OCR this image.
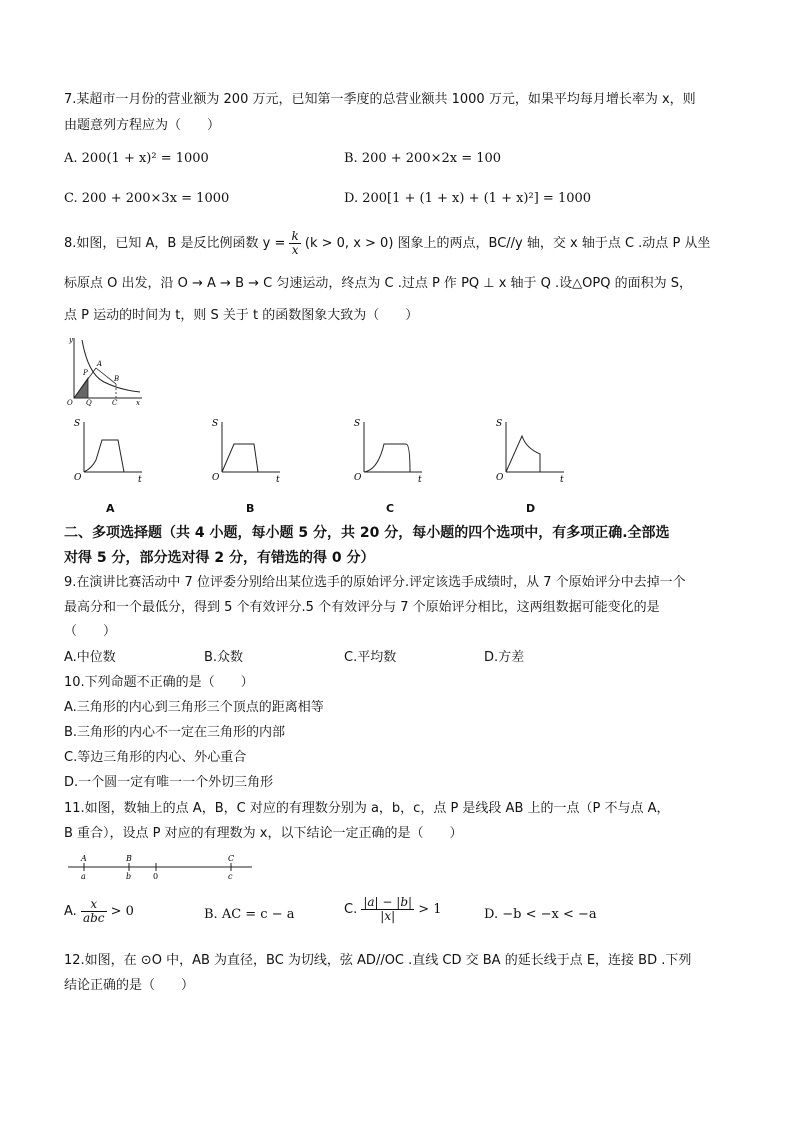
7.某超市一月份的营业额为 200 万元，已知第一季度的总营业额共 1000 万元，如果平均每月增长率为 x，则
由题意列方程应为（　　）
A. 200(1 + x)² = 1000	B. 200 + 200×2x = 100
C. 200 + 200×3x = 1000	D. 200[1 + (1 + x) + (1 + x)²] = 1000
8.如图，已知 A，B 是反比例函数 $y = \frac{k}{x} (k > 0$, x > 0) 图象上的两点，BC//y 轴，交 x 轴于点 C .动点 P 从坐
标原点 O 出发，沿 O → A → B → C 匀速运动，终点为 C .过点 P 作 PQ ⊥ x 轴于 Q .设△OPQ 的面积为 S，
点 P 运动的时间为 t，则 S 关于 t 的函数图象大致为（　　）
y
O
P
Q	C
A
B
x
S
O	t
S
O	t
S
O	t
S
O	t
A	B	C	D
二、多项选择题（共 4 小题，每小题 5 分，共 20 分，每小题的四个选项中，有多项正确.全部选
对得 5 分，部分选对得 2 分，有错选的得 0 分）
9.在演讲比赛活动中 7 位评委分别给出某位选手的原始评分.评定该选手成绩时，从 7 个原始评分中去掉一个
最高分和一个最低分，得到 5 个有效评分.5 个有效评分与 7 个原始评分相比，这两组数据可能变化的是
（　　）
A.中位数	B.众数	C.平均数	D.方差
10.下列命题不正确的是（　　）
A.三角形的内心到三角形三个顶点的距离相等
B.三角形的内心不一定在三角形的内部
C.等边三角形的内心、外心重合
D.一个圆一定有唯一一个外切三角形
11.如图，数轴上的点 A，B，C 对应的有理数分别为 a，b，c，点 P 是线段 AB 上的一点（P 不与点 A，
B 重合），设点 P 对应的有理数为 x，以下结论一定正确的是（　　）
A	B	C
a	b	0	c
A. $\frac{x}{\text{abc}} > 0$	B. AC = c − a	C. $\frac{|a| - |b|}{|x|} > 1$	D. −b < −x < −a
12.如图，在 ⊙O 中，AB 为直径，BC 为切线，弦 AD//OC .直线 CD 交 BA 的延长线于点 E，连接 BD .下列
结论正确的是（　　）
